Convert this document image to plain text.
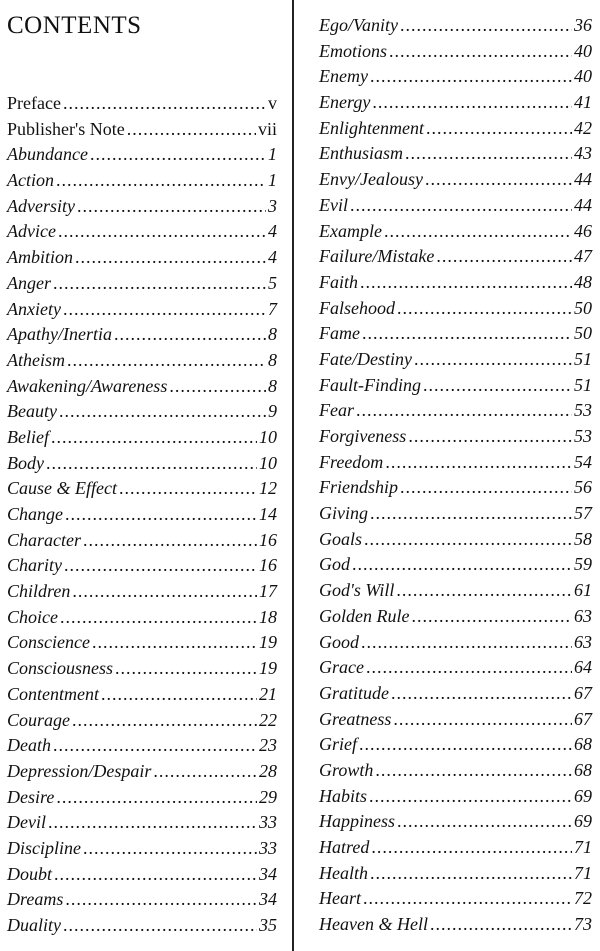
CONTENTS
Preface .....	v
Publisher's Note .....	vii
Abundance .....	1
Action .....	1
Adversity .....	3
Advice .....	4
Ambition .....	4
Anger .....	5
Anxiety .....	7
Apathy/Inertia .....	8
Atheism .....	8
Awakening/Awareness .....	8
Beauty .....	9
Belief .....	10
Body .....	10
Cause & Effect .....	12
Change .....	14
Character .....	16
Charity .....	16
Children .....	17
Choice .....	18
Conscience .....	19
Consciousness .....	19
Contentment .....	21
Courage .....	22
Death .....	23
Depression/Despair .....	28
Desire .....	29
Devil .....	33
Discipline .....	33
Doubt .....	34
Dreams .....	34
Duality .....	35
Ego/Vanity .....	36
Emotions .....	40
Enemy .....	40
Energy .....	41
Enlightenment .....	42
Enthusiasm .....	43
Envy/Jealousy .....	44
Evil .....	44
Example .....	46
Failure/Mistake .....	47
Faith .....	48
Falsehood .....	50
Fame .....	50
Fate/Destiny .....	51
Fault-Finding .....	51
Fear .....	53
Forgiveness .....	53
Freedom .....	54
Friendship .....	56
Giving .....	57
Goals .....	58
God .....	59
God's Will .....	61
Golden Rule .....	63
Good .....	63
Grace .....	64
Gratitude .....	67
Greatness .....	67
Grief .....	68
Growth .....	68
Habits .....	69
Happiness .....	69
Hatred .....	71
Health .....	71
Heart .....	72
Heaven & Hell .....	73
